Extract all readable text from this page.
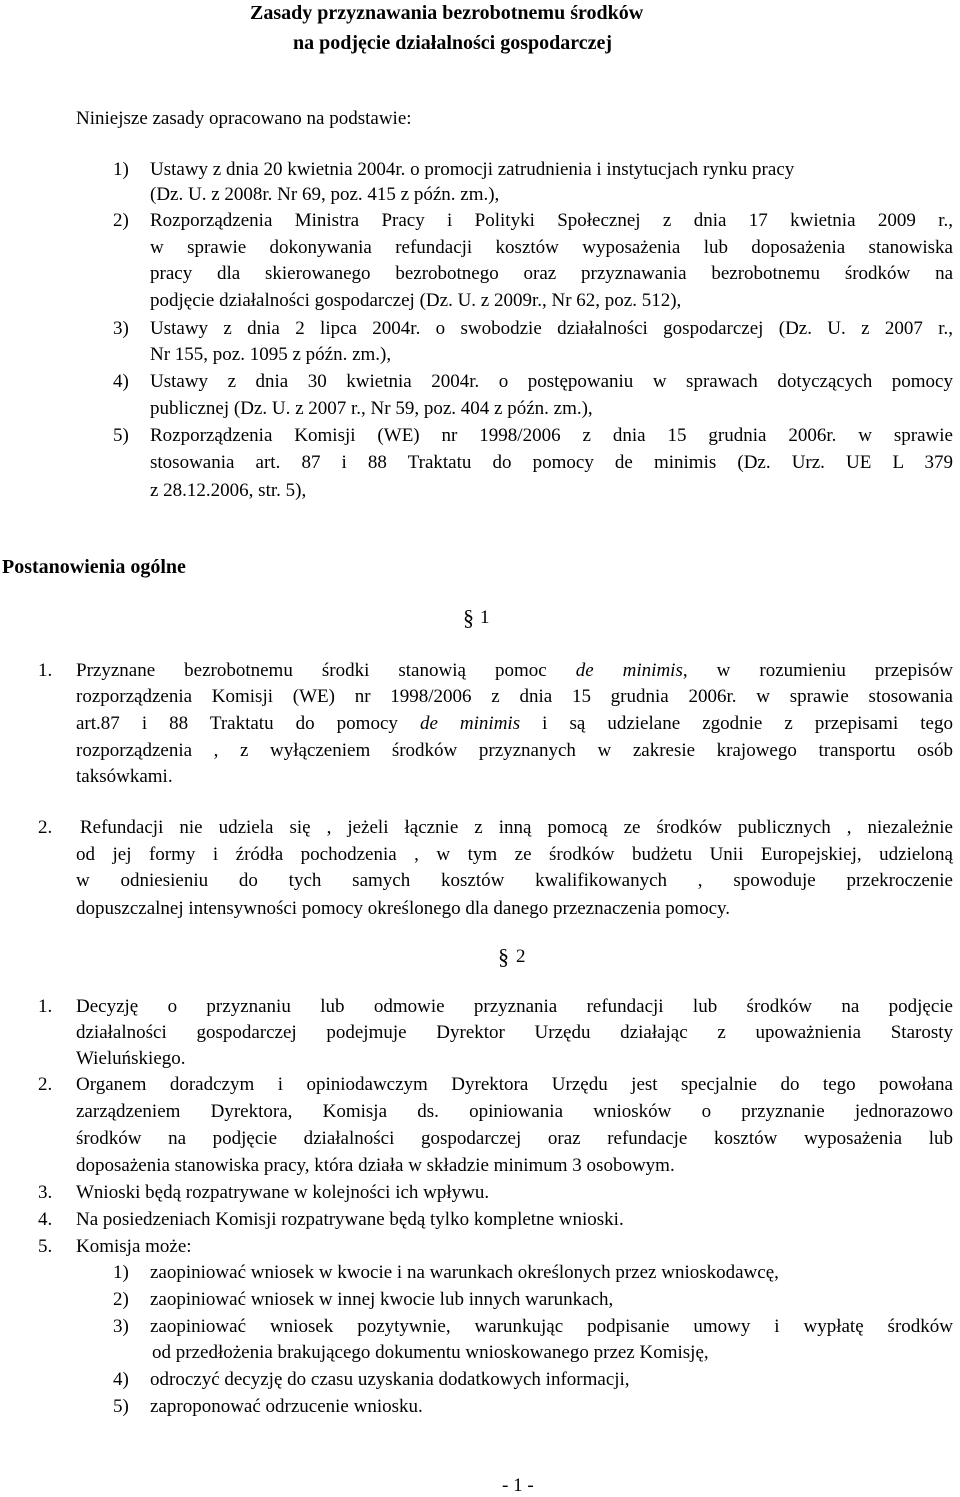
Zasady przyznawania bezrobotnemu środków
na podjęcie działalności gospodarczej
Niniejsze zasady opracowano na podstawie:
1) Ustawy z dnia 20 kwietnia 2004r. o promocji zatrudnienia i instytucjach rynku pracy
(Dz. U. z 2008r. Nr 69, poz. 415 z późn. zm.),
2) Rozporządzenia Ministra Pracy i Polityki Społecznej z dnia 17 kwietnia 2009 r.,
w sprawie dokonywania refundacji kosztów wyposażenia lub doposażenia stanowiska
pracy dla skierowanego bezrobotnego oraz przyznawania bezrobotnemu środków na
podjęcie działalności gospodarczej (Dz. U. z 2009r., Nr 62, poz. 512),
3) Ustawy z dnia 2 lipca 2004r. o swobodzie działalności gospodarczej (Dz. U. z 2007 r.,
Nr 155, poz. 1095 z późn. zm.),
4) Ustawy z dnia 30 kwietnia 2004r. o postępowaniu w sprawach dotyczących pomocy
publicznej (Dz. U. z 2007 r., Nr 59, poz. 404 z późn. zm.),
5) Rozporządzenia Komisji (WE) nr 1998/2006 z dnia 15 grudnia 2006r. w sprawie
stosowania art. 87 i 88 Traktatu do pomocy de minimis (Dz. Urz. UE L 379
z 28.12.2006, str. 5),
Postanowienia ogólne
§ 1
1. Przyznane bezrobotnemu środki stanowią pomoc de minimis, w rozumieniu przepisów
rozporządzenia Komisji (WE) nr 1998/2006 z dnia 15 grudnia 2006r. w sprawie stosowania
art.87 i 88 Traktatu do pomocy de minimis i są udzielane zgodnie z przepisami tego
rozporządzenia , z wyłączeniem środków przyznanych w zakresie krajowego transportu osób
taksówkami.
2. Refundacji nie udziela się , jeżeli łącznie z inną pomocą ze środków publicznych , niezależnie
od jej formy i źródła pochodzenia , w tym ze środków budżetu Unii Europejskiej, udzieloną
w odniesieniu do tych samych kosztów kwalifikowanych , spowoduje przekroczenie
dopuszczalnej intensywności pomocy określonego dla danego przeznaczenia pomocy.
§ 2
1. Decyzję o przyznaniu lub odmowie przyznania refundacji lub środków na podjęcie
działalności gospodarczej podejmuje Dyrektor Urzędu działając z upoważnienia Starosty
Wieluńskiego.
2. Organem doradczym i opiniodawczym Dyrektora Urzędu jest specjalnie do tego powołana
zarządzeniem Dyrektora, Komisja ds. opiniowania wniosków o przyznanie jednorazowo
środków na podjęcie działalności gospodarczej oraz refundacje kosztów wyposażenia lub
doposażenia stanowiska pracy, która działa w składzie minimum 3 osobowym.
3. Wnioski będą rozpatrywane w kolejności ich wpływu.
4. Na posiedzeniach Komisji rozpatrywane będą tylko kompletne wnioski.
5. Komisja może:
1) zaopiniować wniosek w kwocie i na warunkach określonych przez wnioskodawcę,
2) zaopiniować wniosek w innej kwocie lub innych warunkach,
3) zaopiniować wniosek pozytywnie, warunkując podpisanie umowy i wypłatę środków
od przedłożenia brakującego dokumentu wnioskowanego przez Komisję,
4) odroczyć decyzję do czasu uzyskania dodatkowych informacji,
5) zaproponować odrzucenie wniosku.
- 1 -
